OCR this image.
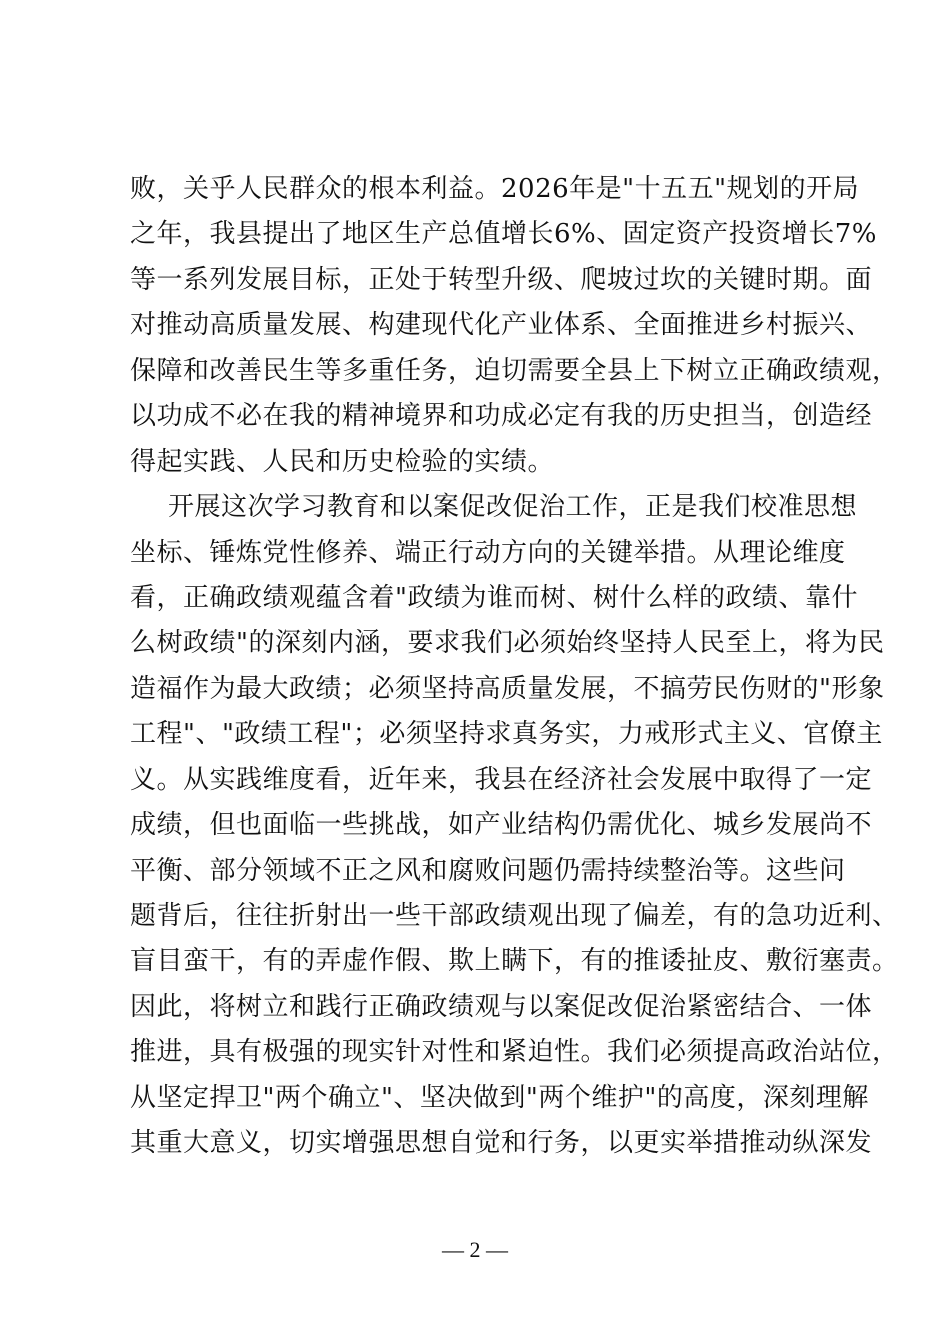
败，关乎人民群众的根本利益。2026年是"十五五"规划的开局
之年，我县提出了地区生产总值增长6%、固定资产投资增长7%
等一系列发展目标，正处于转型升级、爬坡过坎的关键时期。面
对推动高质量发展、构建现代化产业体系、全面推进乡村振兴、
保障和改善民生等多重任务，迫切需要全县上下树立正确政绩观，
以功成不必在我的精神境界和功成必定有我的历史担当，创造经
得起实践、人民和历史检验的实绩。
开展这次学习教育和以案促改促治工作，正是我们校准思想
坐标、锤炼党性修养、端正行动方向的关键举措。从理论维度
看，正确政绩观蕴含着"政绩为谁而树、树什么样的政绩、靠什
么树政绩"的深刻内涵，要求我们必须始终坚持人民至上，将为民
造福作为最大政绩；必须坚持高质量发展，不搞劳民伤财的"形象
工程"、"政绩工程"；必须坚持求真务实，力戒形式主义、官僚主
义。从实践维度看，近年来，我县在经济社会发展中取得了一定
成绩，但也面临一些挑战，如产业结构仍需优化、城乡发展尚不
平衡、部分领域不正之风和腐败问题仍需持续整治等。这些问
题背后，往往折射出一些干部政绩观出现了偏差，有的急功近利、
盲目蛮干，有的弄虚作假、欺上瞒下，有的推诿扯皮、敷衍塞责。
因此，将树立和践行正确政绩观与以案促改促治紧密结合、一体
推进，具有极强的现实针对性和紧迫性。我们必须提高政治站位，
从坚定捍卫"两个确立"、坚决做到"两个维护"的高度，深刻理解
其重大意义，切实增强思想自觉和行务，以更实举措推动纵深发
— 2 —
